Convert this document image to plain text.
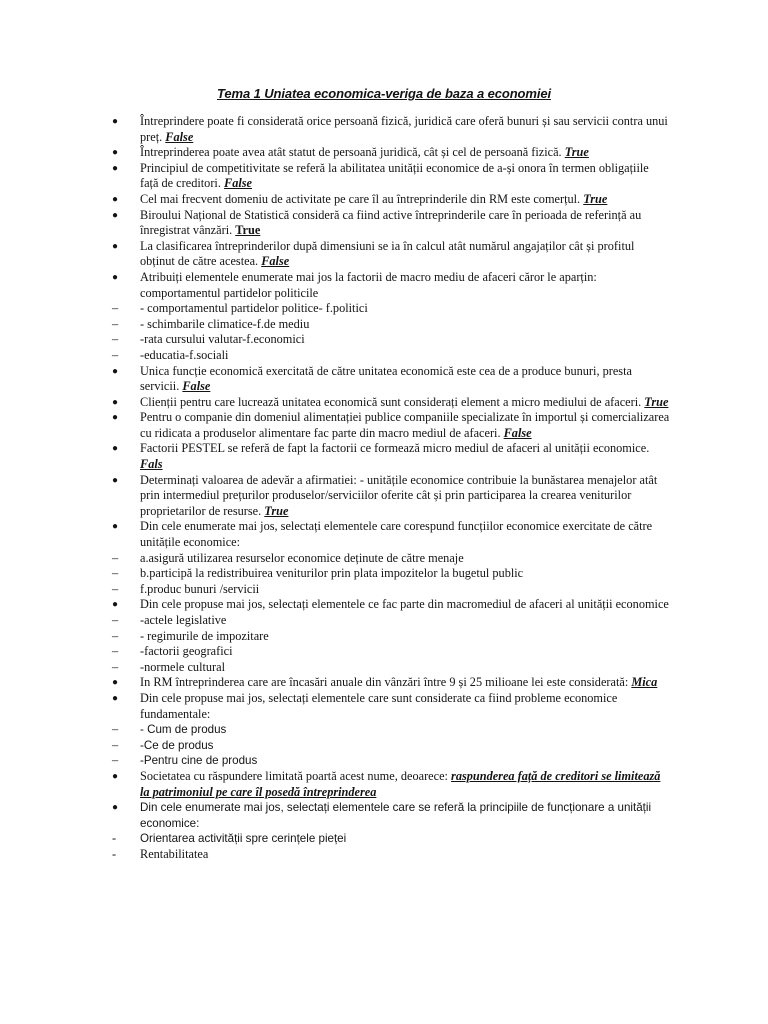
Tema 1 Uniatea economica-veriga de baza a economiei
●	Întreprindere poate fi considerată orice persoană fizică, juridică care oferă bunuri și sau servicii contra unui preț. False
●	Întreprinderea poate avea atât statut de persoană juridică, cât și cel de persoană fizică. True
●	Principiul de competitivitate se referă la abilitatea unității economice de a-și onora în termen obligațiile față de creditori. False
●	Cel mai frecvent domeniu de activitate pe care îl au întreprinderile din RM este comerțul. True
●	Biroului Național de Statistică consideră ca fiind active întreprinderile care în perioada de referință au înregistrat vânzări. True
●	La clasificarea întreprinderilor după dimensiuni se ia în calcul atât numărul angajaților cât și profitul obținut de către acestea. False
●	Atribuiți elementele enumerate mai jos la factorii de macro mediu de afaceri căror le aparțin: comportamentul partidelor politicile
–	- comportamentul partidelor politice- f.politici
–	- schimbarile climatice-f.de mediu
–	-rata cursului valutar-f.economici
–	-educatia-f.sociali
●	Unica funcție economică exercitată de către unitatea economică este cea de a produce bunuri, presta servicii. False
●	Clienții pentru care lucrează unitatea economică sunt considerați element a micro mediului de afaceri. True
●	Pentru o companie din domeniul alimentației publice companiile specializate în importul și comercializarea cu ridicata a produselor alimentare fac parte din macro mediul de afaceri. False
●	Factorii PESTEL se referă de fapt la factorii ce formează micro mediul de afaceri al unității economice. Fals
●	Determinați valoarea de adevăr a afirmatiei: - unitățile economice contribuie la bunăstarea menajelor atât prin intermediul prețurilor produselor/serviciilor oferite cât și prin participarea la crearea veniturilor proprietarilor de resurse. True
●	Din cele enumerate mai jos, selectați elementele care corespund funcțiilor economice exercitate de către unitățile economice:
–	a.asigură utilizarea resurselor economice deținute de către menaje
–	b.participă la redistribuirea veniturilor prin plata impozitelor la bugetul public
–	f.produc bunuri /servicii
●	Din cele propuse mai jos, selectați elementele ce fac parte din macromediul de afaceri al unității economice
–	-actele legislative
–	- regimurile de impozitare
–	-factorii geografici
–	-normele cultural
●	In RM întreprinderea care are încasări anuale din vânzări între 9 și 25 milioane lei este considerată: Mica
●	Din cele propuse mai jos, selectați elementele care sunt considerate ca fiind probleme economice fundamentale:
–	- Cum de produs
–	-Ce de produs
–	-Pentru cine de produs
●	Societatea cu răspundere limitată poartă acest nume, deoarece: raspunderea față de creditori se limitează la patrimoniul pe care îl posedă întreprinderea
●	Din cele enumerate mai jos, selectați elementele care se referă la principiile de funcționare a unității economice:
-	Orientarea activității spre cerințele pieței
-	Rentabilitatea
